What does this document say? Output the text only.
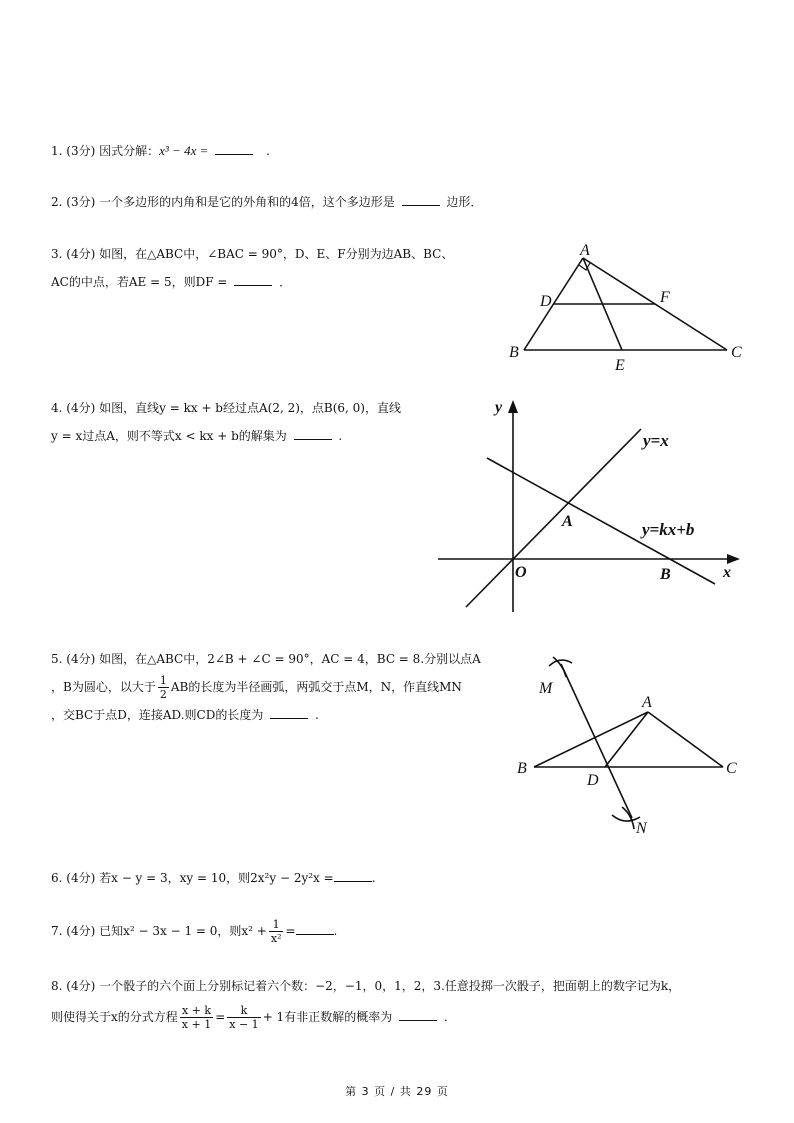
1. (3分) 因式分解：x³ − 4x =	.
2. (3分) 一个多边形的内角和是它的外角和的4倍，这个多边形是	边形．
3. (4分) 如图，在△ABC中，∠BAC = 90°，D、E、F分别为边AB、BC、
AC的中点，若AE = 5，则DF =	．
A
B	C
D
E
F
4. (4分) 如图，直线y = kx + b经过点A(2, 2)，点B(6, 0)，直线
y = x过点A，则不等式x < kx + b的解集为	.
y
x
O
A
B
y=x
y=kx+b
5. (4分) 如图，在△ABC中，2∠B + ∠C = 90°，AC = 4，BC = 8.分别以点A
，B为圆心，以大于 $\frac{1}{2}$ AB的长度为半径画弧，两弧交于点M，N，作直线MN
，交BC于点D，连接AD.则CD的长度为	.
A
B	C
D
M
N
6. (4分) 若x − y = 3，xy = 10，则2x²y − 2y²x =	.
7. (4分) 已知x² − 3x − 1 = 0，则$x^2 + \frac{1}{\text{x²}}$ =	.
8. (4分) 一个骰子的六个面上分别标记着六个数：−2，−1，0，1，2，3.任意投掷一次骰子，把面朝上的数字记为k，
则使得关于x的分式方程 $\frac{x + k}{x + 1} = \frac{k}{x - 1} + 1$有非正数解的概率为	.
第 3 页 / 共 29 页
